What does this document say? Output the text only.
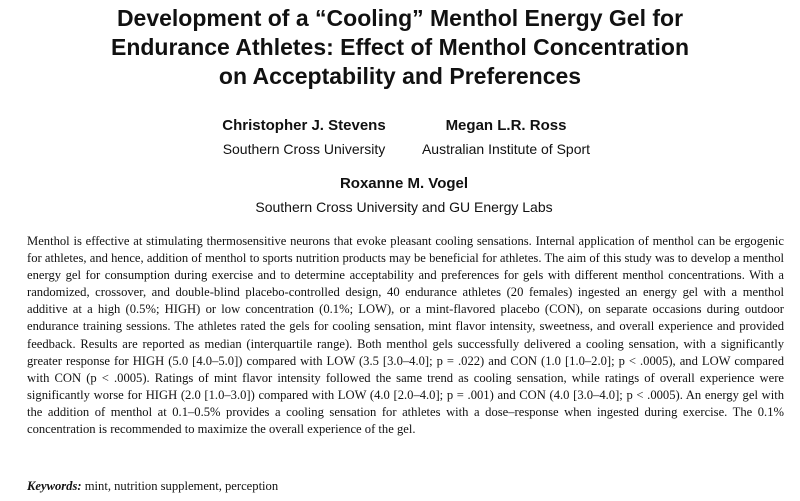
Development of a “Cooling” Menthol Energy Gel for
Endurance Athletes: Effect of Menthol Concentration
on Acceptability and Preferences
Christopher J. Stevens
Southern Cross University
Megan L.R. Ross
Australian Institute of Sport
Roxanne M. Vogel
Southern Cross University and GU Energy Labs

Menthol is effective at stimulating thermosensitive neurons that evoke pleasant cooling sensations. Internal application of menthol can be ergogenic for athletes, and hence, addition of menthol to sports nutrition products may be beneficial for athletes. The aim of this study was to develop a menthol energy gel for consumption during exercise and to determine acceptability and preferences for gels with different menthol concentrations. With a randomized, crossover, and double-blind placebo-controlled design, 40 endurance athletes (20 females) ingested an energy gel with a menthol additive at a high (0.5%; HIGH) or low concentration (0.1%; LOW), or a mint-flavored placebo (CON), on separate occasions during outdoor endurance training sessions. The athletes rated the gels for cooling sensation, mint flavor intensity, sweetness, and overall experience and provided feedback. Results are reported as median (interquartile range). Both menthol gels successfully delivered a cooling sensation, with a significantly greater response for HIGH (5.0 [4.0–5.0]) compared with LOW (3.5 [3.0–4.0]; p = .022) and CON (1.0 [1.0–2.0]; p < .0005), and LOW compared with CON (p < .0005). Ratings of mint flavor intensity followed the same trend as cooling sensation, while ratings of overall experience were significantly worse for HIGH (2.0 [1.0–3.0]) compared with LOW (4.0 [2.0–4.0]; p = .001) and CON (4.0 [3.0–4.0]; p < .0005). An energy gel with the addition of menthol at 0.1–0.5% provides a cooling sensation for athletes with a dose–response when ingested during exercise. The 0.1% concentration is recommended to maximize the overall experience of the gel.

Keywords: mint, nutrition supplement, perception
